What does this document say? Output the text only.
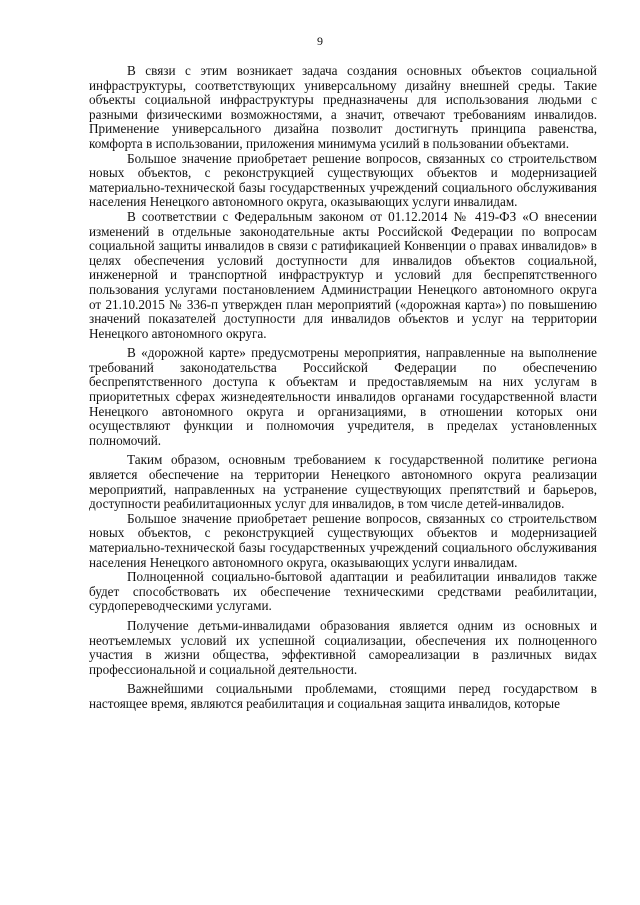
9

В связи с этим возникает задача создания основных объектов социальной инфраструктуры, соответствующих универсальному дизайну внешней среды. Такие объекты социальной инфраструктуры предназначены для использования людьми с разными физическими возможностями, а значит, отвечают требованиям инвалидов. Применение универсального дизайна позволит достигнуть принципа равенства, комфорта в использовании, приложения минимума усилий в пользовании объектами.

Большое значение приобретает решение вопросов, связанных со строительством новых объектов, с реконструкцией существующих объектов и модернизацией материально-технической базы государственных учреждений социального обслуживания населения Ненецкого автономного округа, оказывающих услуги инвалидам.

В соответствии с Федеральным законом от 01.12.2014 № 419-ФЗ «О внесении изменений в отдельные законодательные акты Российской Федерации по вопросам социальной защиты инвалидов в связи с ратификацией Конвенции о правах инвалидов» в целях обеспечения условий доступности для инвалидов объектов социальной, инженерной и транспортной инфраструктур и условий для беспрепятственного пользования услугами постановлением Администрации Ненецкого автономного округа от 21.10.2015 № 336-п утвержден план мероприятий («дорожная карта») по повышению значений показателей доступности для инвалидов объектов и услуг на территории Ненецкого автономного округа.

В «дорожной карте» предусмотрены мероприятия, направленные на выполнение требований законодательства Российской Федерации по обеспечению беспрепятственного доступа к объектам и предоставляемым на них услугам в приоритетных сферах жизнедеятельности инвалидов органами государственной власти Ненецкого автономного округа и организациями, в отношении которых они осуществляют функции и полномочия учредителя, в пределах установленных полномочий.

Таким образом, основным требованием к государственной политике региона является обеспечение на территории Ненецкого автономного округа реализации мероприятий, направленных на устранение существующих препятствий и барьеров, доступности реабилитационных услуг для инвалидов, в том числе детей-инвалидов.

Большое значение приобретает решение вопросов, связанных со строительством новых объектов, с реконструкцией существующих объектов и модернизацией материально-технической базы государственных учреждений социального обслуживания населения Ненецкого автономного округа, оказывающих услуги инвалидам.

Полноценной социально-бытовой адаптации и реабилитации инвалидов также будет способствовать их обеспечение техническими средствами реабилитации, сурдопереводческими услугами.

Получение детьми-инвалидами образования является одним из основных и неотъемлемых условий их успешной социализации, обеспечения их полноценного участия в жизни общества, эффективной самореализации в различных видах профессиональной и социальной деятельности.

Важнейшими социальными проблемами, стоящими перед государством в настоящее время, являются реабилитация и социальная защита инвалидов, которые
